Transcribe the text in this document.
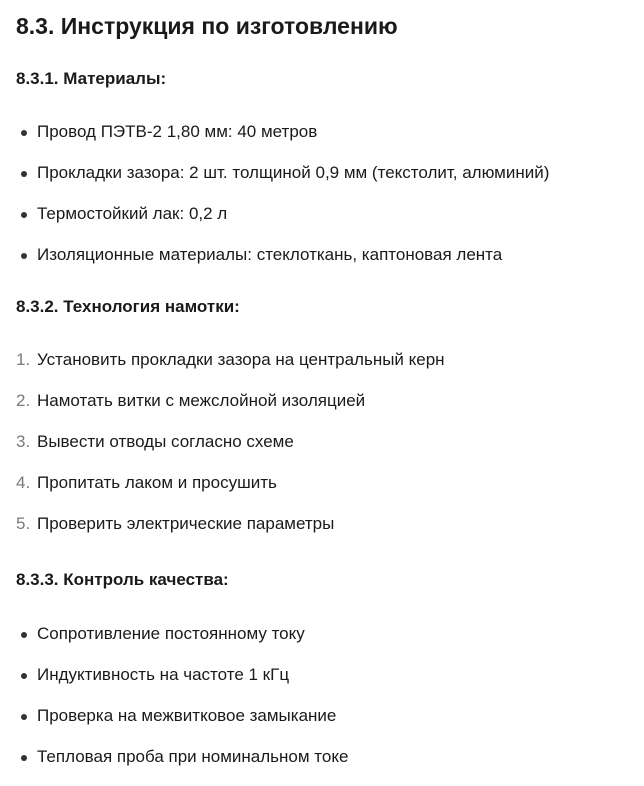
8.3. Инструкция по изготовлению
8.3.1. Материалы:
Провод ПЭТВ-2 1,80 мм: 40 метров
Прокладки зазора: 2 шт. толщиной 0,9 мм (текстолит, алюминий)
Термостойкий лак: 0,2 л
Изоляционные материалы: стеклоткань, каптоновая лента
8.3.2. Технология намотки:
1. Установить прокладки зазора на центральный керн
2. Намотать витки с межслойной изоляцией
3. Вывести отводы согласно схеме
4. Пропитать лаком и просушить
5. Проверить электрические параметры
8.3.3. Контроль качества:
Сопротивление постоянному току
Индуктивность на частоте 1 кГц
Проверка на межвитковое замыкание
Тепловая проба при номинальном токе
